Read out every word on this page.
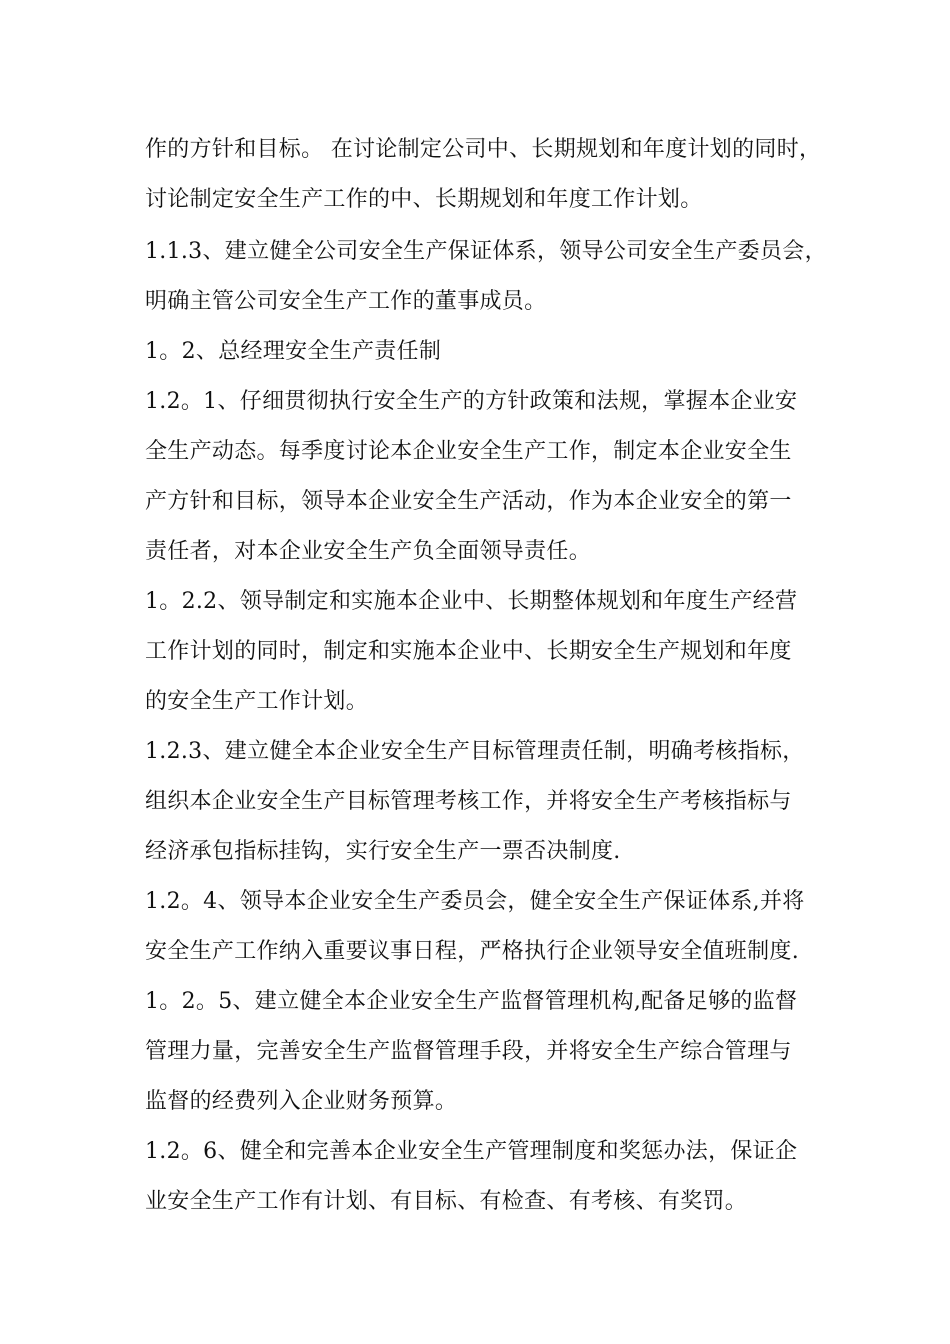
作的方针和目标。 在讨论制定公司中、长期规划和年度计划的同时，
讨论制定安全生产工作的中、长期规划和年度工作计划。
1.1.3、建立健全公司安全生产保证体系，领导公司安全生产委员会，
明确主管公司安全生产工作的董事成员。
1。2、总经理安全生产责任制
1.2。1、仔细贯彻执行安全生产的方针政策和法规，掌握本企业安
全生产动态。每季度讨论本企业安全生产工作，制定本企业安全生
产方针和目标，领导本企业安全生产活动，作为本企业安全的第一
责任者，对本企业安全生产负全面领导责任。
1。2.2、领导制定和实施本企业中、长期整体规划和年度生产经营
工作计划的同时，制定和实施本企业中、长期安全生产规划和年度
的安全生产工作计划。
1.2.3、建立健全本企业安全生产目标管理责任制，明确考核指标，
组织本企业安全生产目标管理考核工作，并将安全生产考核指标与
经济承包指标挂钩，实行安全生产一票否决制度.
1.2。4、领导本企业安全生产委员会，健全安全生产保证体系,并将
安全生产工作纳入重要议事日程，严格执行企业领导安全值班制度.
1。2。5、建立健全本企业安全生产监督管理机构,配备足够的监督
管理力量，完善安全生产监督管理手段，并将安全生产综合管理与
监督的经费列入企业财务预算。
1.2。6、健全和完善本企业安全生产管理制度和奖惩办法，保证企
业安全生产工作有计划、有目标、有检查、有考核、有奖罚。
